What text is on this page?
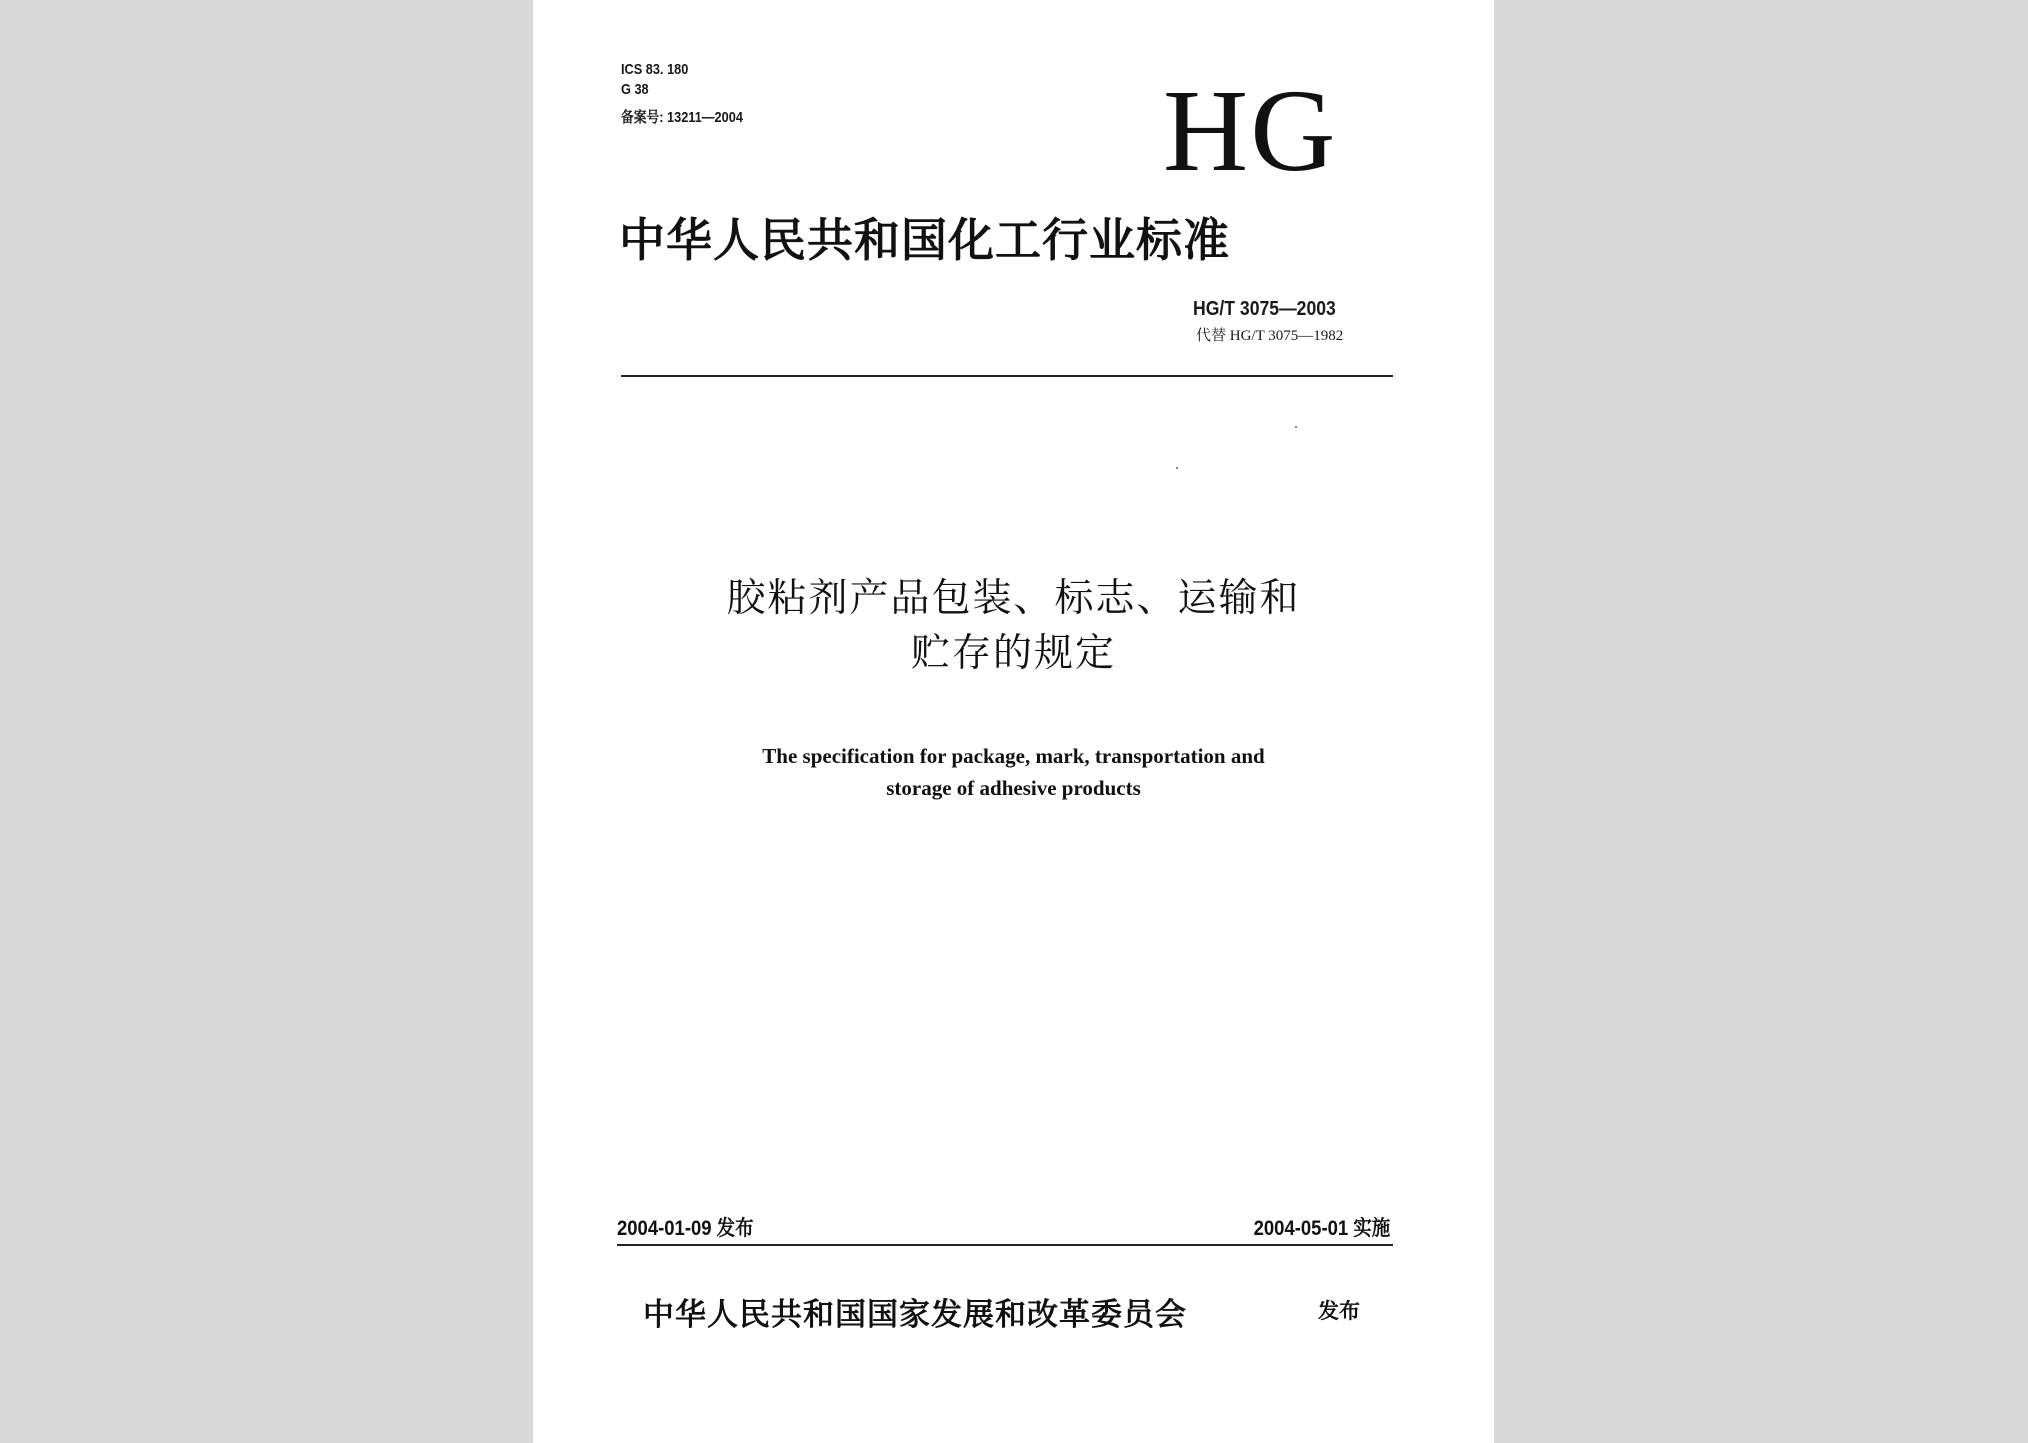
ICS 83. 180
G 38
备案号: 13211—2004	HG
中华人民共和国化工行业标准
HG/T 3075—2003
代替 HG/T 3075—1982
胶粘剂产品包装、标志、运输和
贮存的规定
The specification for package, mark, transportation and
storage of adhesive products
2004-01-09 发布	2004-05-01 实施
中华人民共和国国家发展和改革委员会	发布
